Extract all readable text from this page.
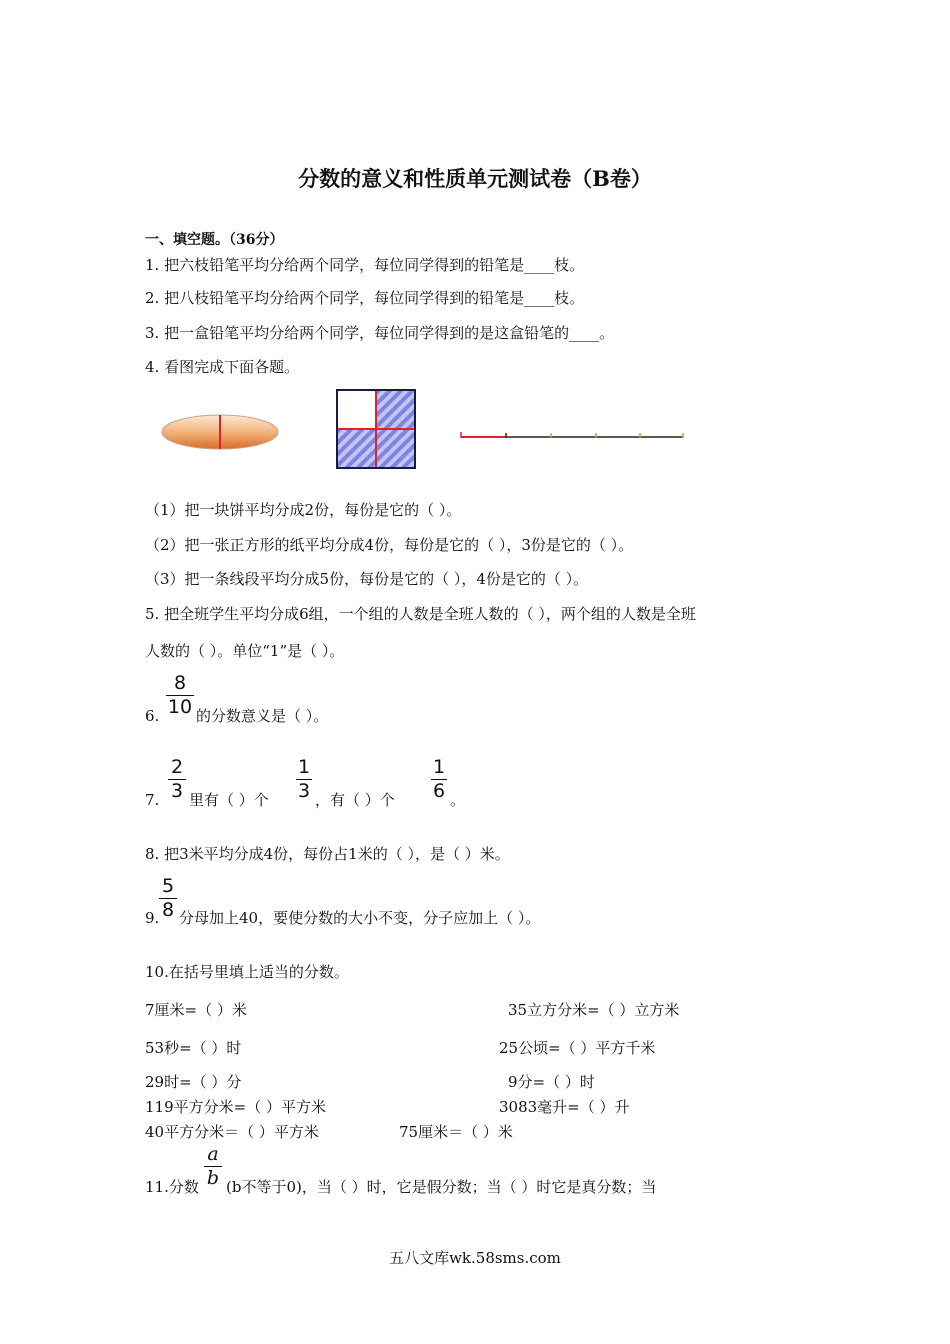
分数的意义和性质单元测试卷（B卷）
一、填空题。（36分）
1. 把六枝铅笔平均分给两个同学，每位同学得到的铅笔是____枝。
2. 把八枝铅笔平均分给两个同学，每位同学得到的铅笔是____枝。
3. 把一盒铅笔平均分给两个同学，每位同学得到的是这盒铅笔的____。
4. 看图完成下面各题。
（1）把一块饼平均分成2份，每份是它的（ ）。
（2）把一张正方形的纸平均分成4份，每份是它的（ ），3份是它的（ ）。
（3）把一条线段平均分成5份，每份是它的（ ），4份是它的（ ）。
5. 把全班学生平均分成6组，一个组的人数是全班人数的（ ），两个组的人数是全班
人数的（ ）。单位“1”是（ ）。
6.
8
10 的分数意义是（ ）。
7.
2
3 里有（ ）个
1
3 ，有（ ）个
1
6 。
8. 把3米平均分成4份，每份占1米的（ ），是（ ）米。
9.
5
8 分母加上40，要使分数的大小不变，分子应加上（ ）。
10.在括号里填上适当的分数。
7厘米=（ ）米	35立方分米=（ ）立方米
53秒=（ ）时	25公顷=（ ）平方千米
29时=（ ）分	9分=（ ）时
119平方分米=（ ）平方米	3083毫升=（ ）升
40平方分米＝（ ）平方米	75厘米＝（ ）米
11.分数
a
b (b不等于0)，当（ ）时，它是假分数；当（ ）时它是真分数；当
五八文库wk.58sms.com
